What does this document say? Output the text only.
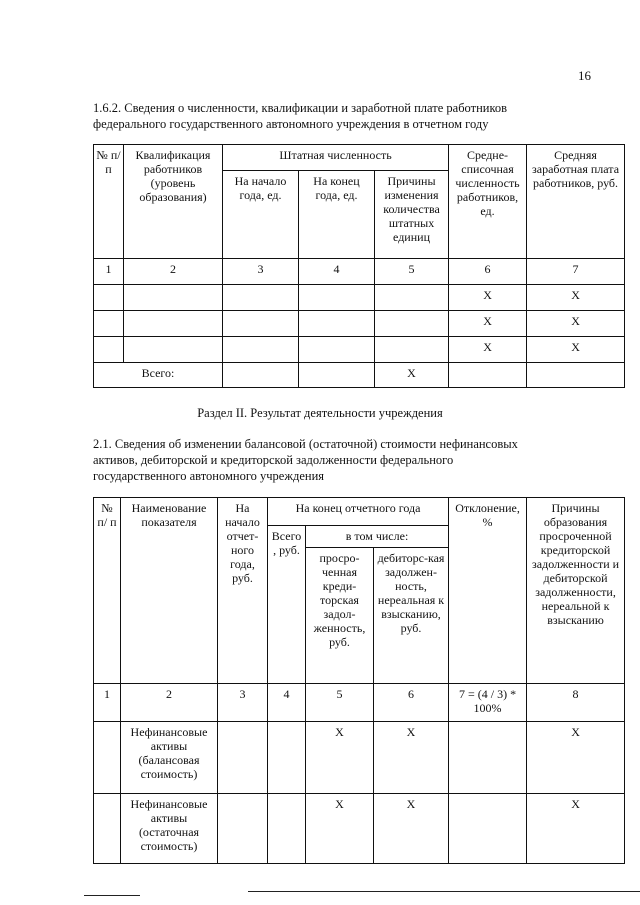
16
1.6.2. Сведения о численности, квалификации и заработной плате работников
федерального государственного автономного учреждения в отчетном году
№ п/п	Квалификация работников (уровень образования)	Штатная численность			Средне-списочная численность работников, ед.	Средняя заработная плата работников, руб.
		На начало года, ед.	На конец года, ед.	Причины изменения количества штатных единиц		
1	2	3	4	5	6	7
					Х	Х
					Х	Х
					Х	Х
Всего:				Х		
Раздел II. Результат деятельности учреждения
2.1. Сведения об изменении балансовой (остаточной) стоимости нефинансовых
активов, дебиторской и кредиторской задолженности федерального
государственного автономного учреждения
№ п/ п	Наименование показателя	На начало отчет-ного года, руб.	На конец отчетного года			Отклонение, %	Причины образования просроченной кредиторской задолженности и дебиторской задолженности, нереальной к взысканию
			Всего , руб.	в том числе:			
				просро-ченная креди-торская задол-женность, руб.	дебиторс-кая задолжен-ность, нереальная к взысканию, руб.		
1	2	3	4	5	6	7 = (4 / 3) * 100%	8
	Нефинансовые активы (балансовая стоимость)			Х	Х		Х
	Нефинансовые активы (остаточная стоимость)			Х	Х		Х
